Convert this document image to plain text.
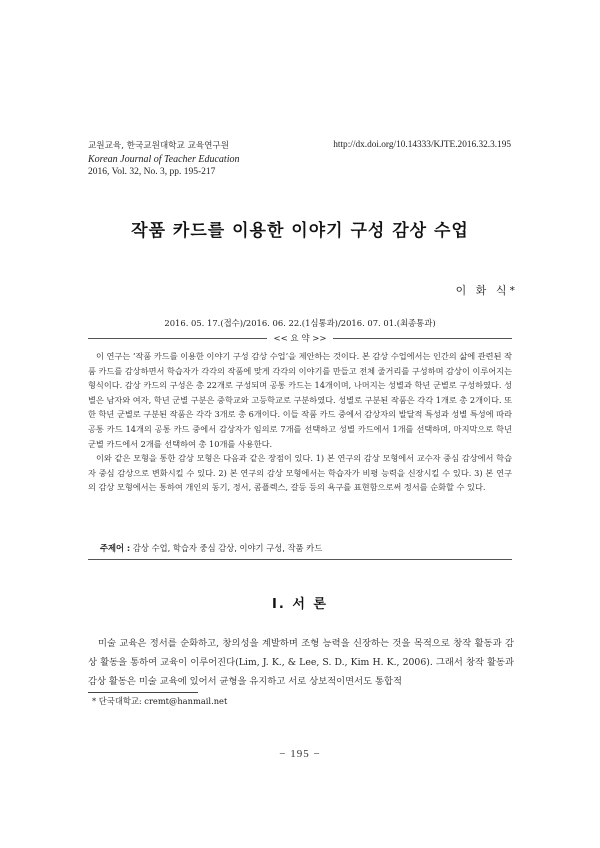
교원교육, 한국교원대학교 교육연구원
Korean Journal of Teacher Education
2016, Vol. 32, No. 3, pp. 195-217
http://dx.doi.org/10.14333/KJTE.2016.32.3.195
작품 카드를 이용한 이야기 구성 감상 수업
이 화 식*
2016. 05. 17.(접수)/2016. 06. 22.(1심통과)/2016. 07. 01.(최종통과)
<< 요 약 >>

이 연구는 ‘작품 카드를 이용한 이야기 구성 감상 수업’을 제안하는 것이다. 본 감상 수업에서는 인간의 삶에 관련된 작품 카드를 감상하면서 학습자가 각각의 작품에 맞게 각각의 이야기를 만들고 전체 줄거리를 구성하며 감상이 이루어지는 형식이다. 감상 카드의 구성은 총 22개로 구성되며 공통 카드는 14개이며, 나머지는 성별과 학년 군별로 구성하였다. 성별은 남자와 여자, 학년 군별 구분은 중학교와 고등학교로 구분하였다. 성별로 구분된 작품은 각각 1개로 총 2개이다. 또한 학년 군별로 구분된 작품은 각각 3개로 총 6개이다. 이들 작품 카드 중에서 감상자의 발달적 특성과 성별 특성에 따라 공통 카드 14개의 공통 카드 중에서 감상자가 임의로 7개를 선택하고 성별 카드에서 1개를 선택하며, 마지막으로 학년 군별 카드에서 2개를 선택하여 총 10개를 사용한다.

이와 같은 모형을 통한 감상 모형은 다음과 같은 장점이 있다. 1) 본 연구의 감상 모형에서 교수자 중심 감상에서 학습자 중심 감상으로 변화시킬 수 있다. 2) 본 연구의 감상 모형에서는 학습자가 비평 능력을 신장시킬 수 있다. 3) 본 연구의 감상 모형에서는 통하여 개인의 동기, 정서, 콤플렉스, 갈등 등의 욕구를 표현함으로써 정서를 순화할 수 있다.

주제어 : 감상 수업, 학습자 중심 감상, 이야기 구성, 작품 카드
Ⅰ. 서 론

미술 교육은 정서를 순화하고, 창의성을 계발하며 조형 능력을 신장하는 것을 목적으로 창작 활동과 감상 활동을 통하여 교육이 이루어진다(Lim, J. K., & Lee, S. D., Kim H. K., 2006). 그래서 창작 활동과 감상 활동은 미술 교육에 있어서 균형을 유지하고 서로 상보적이면서도 통합적

* 단국대학교: cremt@hanmail.net
− 195 −
